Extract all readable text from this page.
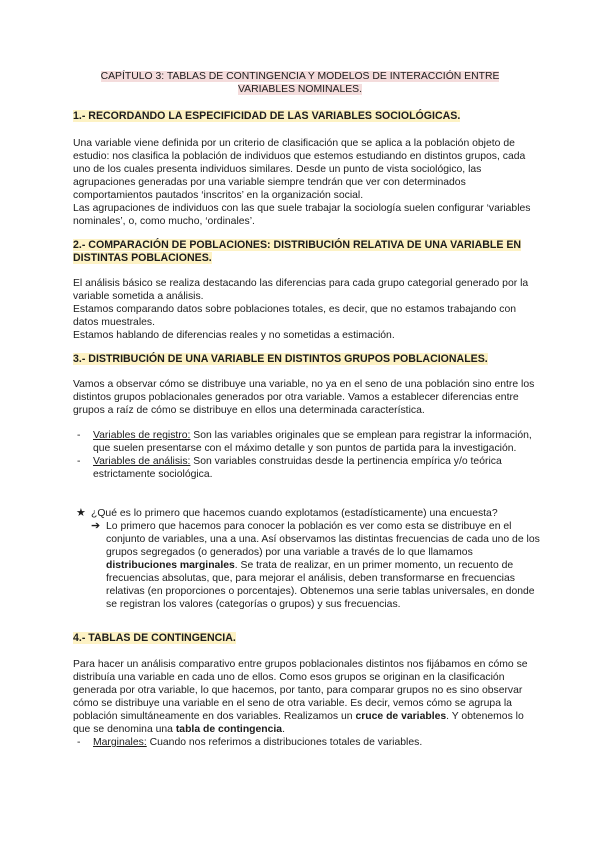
CAPÍTULO 3: TABLAS DE CONTINGENCIA Y MODELOS DE INTERACCIÓN ENTRE
VARIABLES NOMINALES.
1.- RECORDANDO LA ESPECIFICIDAD DE LAS VARIABLES SOCIOLÓGICAS.

Una variable viene definida por un criterio de clasificación que se aplica a la población objeto de estudio: nos clasifica la población de individuos que estemos estudiando en distintos grupos, cada uno de los cuales presenta individuos similares. Desde un punto de vista sociológico, las agrupaciones generadas por una variable siempre tendrán que ver con determinados comportamientos pautados ‘inscritos’ en la organización social.

Las agrupaciones de individuos con las que suele trabajar la sociología suelen configurar ‘variables nominales’, o, como mucho, ‘ordinales’.

2.- COMPARACIÓN DE POBLACIONES: DISTRIBUCIÓN RELATIVA DE UNA VARIABLE EN DISTINTAS POBLACIONES.

El análisis básico se realiza destacando las diferencias para cada grupo categorial generado por la variable sometida a análisis.

Estamos comparando datos sobre poblaciones totales, es decir, que no estamos trabajando con datos muestrales.

Estamos hablando de diferencias reales y no sometidas a estimación.

3.- DISTRIBUCIÓN DE UNA VARIABLE EN DISTINTOS GRUPOS POBLACIONALES.

Vamos a observar cómo se distribuye una variable, no ya en el seno de una población sino entre los distintos grupos poblacionales generados por otra variable. Vamos a establecer diferencias entre grupos a raíz de cómo se distribuye en ellos una determinada característica.

- Variables de registro: Son las variables originales que se emplean para registrar la información, que suelen presentarse con el máximo detalle y son puntos de partida para la investigación.
- Variables de análisis: Son variables construidas desde la pertinencia empírica y/o teórica estrictamente sociológica.
★ ¿Qué es lo primero que hacemos cuando explotamos (estadísticamente) una encuesta?
➔ Lo primero que hacemos para conocer la población es ver como esta se distribuye en el conjunto de variables, una a una. Así observamos las distintas frecuencias de cada uno de los grupos segregados (o generados) por una variable a través de lo que llamamos distribuciones marginales. Se trata de realizar, en un primer momento, un recuento de frecuencias absolutas, que, para mejorar el análisis, deben transformarse en frecuencias relativas (en proporciones o porcentajes). Obtenemos una serie tablas universales, en donde se registran los valores (categorías o grupos) y sus frecuencias.
4.- TABLAS DE CONTINGENCIA.

Para hacer un análisis comparativo entre grupos poblacionales distintos nos fijábamos en cómo se distribuía una variable en cada uno de ellos. Como esos grupos se originan en la clasificación generada por otra variable, lo que hacemos, por tanto, para comparar grupos no es sino observar cómo se distribuye una variable en el seno de otra variable. Es decir, vemos cómo se agrupa la población simultáneamente en dos variables. Realizamos un cruce de variables. Y obtenemos lo que se denomina una tabla de contingencia.

- Marginales: Cuando nos referimos a distribuciones totales de variables.
